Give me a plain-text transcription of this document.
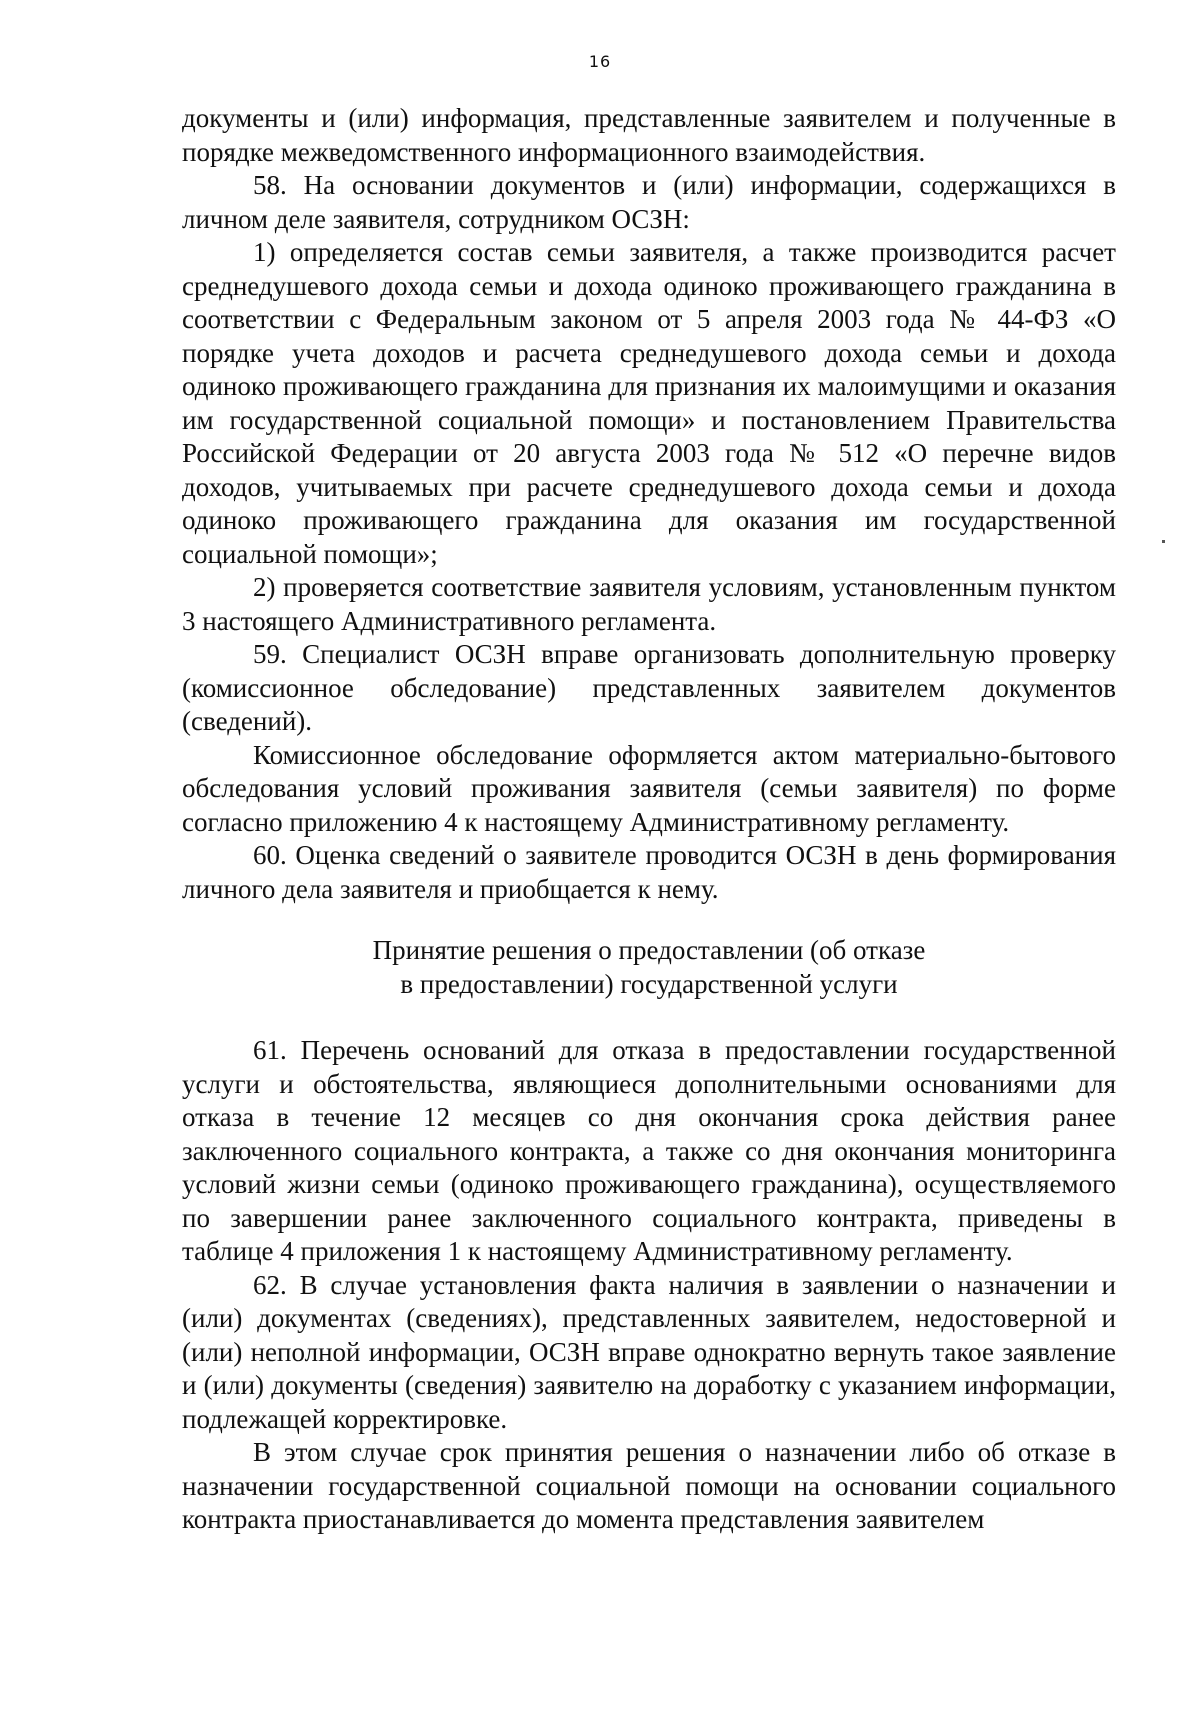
16

документы и (или) информация, представленные заявителем и полученные в порядке межведомственного информационного взаимодействия.

58. На основании документов и (или) информации, содержащихся в личном деле заявителя, сотрудником ОСЗН:

1) определяется состав семьи заявителя, а также производится расчет среднедушевого дохода семьи и дохода одиноко проживающего гражданина в соответствии с Федеральным законом от 5 апреля 2003 года № 44-ФЗ «О порядке учета доходов и расчета среднедушевого дохода семьи и дохода одиноко проживающего гражданина для признания их малоимущими и оказания им государственной социальной помощи» и постановлением Правительства Российской Федерации от 20 августа 2003 года № 512 «О перечне видов доходов, учитываемых при расчете среднедушевого дохода семьи и дохода одиноко проживающего гражданина для оказания им государственной социальной помощи»;

2) проверяется соответствие заявителя условиям, установленным пунктом 3 настоящего Административного регламента.

59. Специалист ОСЗН вправе организовать дополнительную проверку (комиссионное обследование) представленных заявителем документов (сведений).

Комиссионное обследование оформляется актом материально-бытового обследования условий проживания заявителя (семьи заявителя) по форме согласно приложению 4 к настоящему Административному регламенту.

60. Оценка сведений о заявителе проводится ОСЗН в день формирования личного дела заявителя и приобщается к нему.

Принятие решения о предоставлении (об отказе
в предоставлении) государственной услуги

61. Перечень оснований для отказа в предоставлении государственной услуги и обстоятельства, являющиеся дополнительными основаниями для отказа в течение 12 месяцев со дня окончания срока действия ранее заключенного социального контракта, а также со дня окончания мониторинга условий жизни семьи (одиноко проживающего гражданина), осуществляемого по завершении ранее заключенного социального контракта, приведены в таблице 4 приложения 1 к настоящему Административному регламенту.

62. В случае установления факта наличия в заявлении о назначении и (или) документах (сведениях), представленных заявителем, недостоверной и (или) неполной информации, ОСЗН вправе однократно вернуть такое заявление и (или) документы (сведения) заявителю на доработку с указанием информации, подлежащей корректировке.

В этом случае срок принятия решения о назначении либо об отказе в назначении государственной социальной помощи на основании социального контракта приостанавливается до момента представления заявителем
